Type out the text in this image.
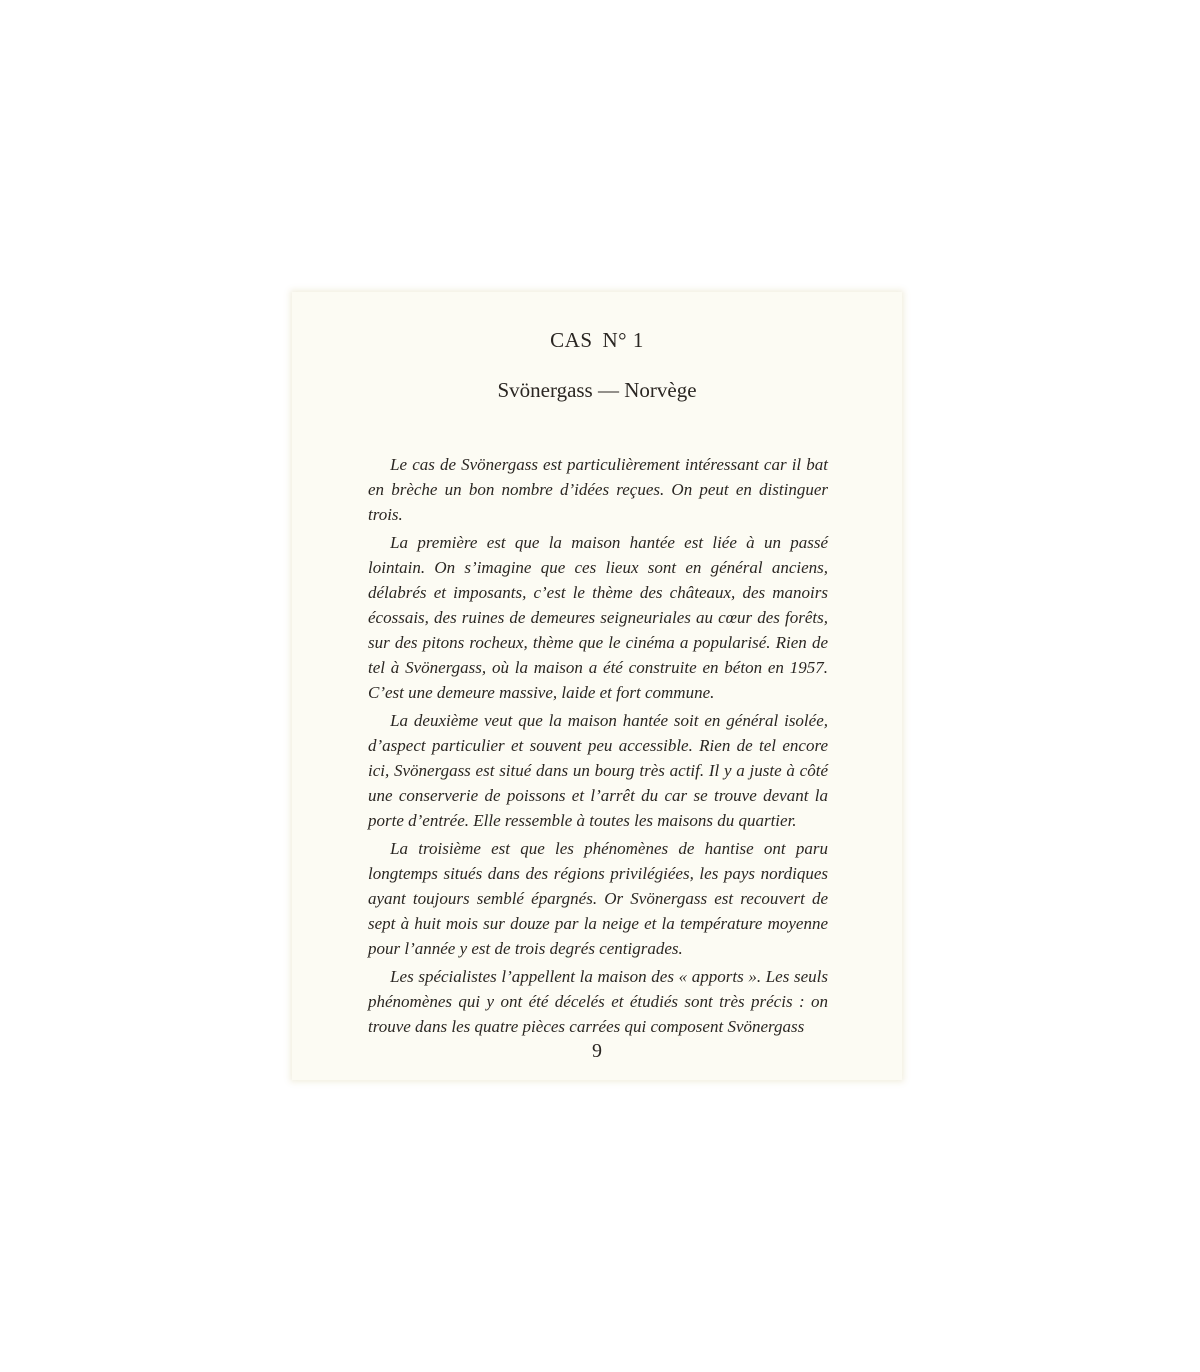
CAS N° 1
Svönergass — Norvège

Le cas de Svönergass est particulièrement intéressant car il bat en brèche un bon nombre d’idées reçues. On peut en distinguer trois.

La première est que la maison hantée est liée à un passé lointain. On s’imagine que ces lieux sont en général anciens, délabrés et imposants, c’est le thème des châteaux, des manoirs écossais, des ruines de demeures seigneuriales au cœur des forêts, sur des pitons rocheux, thème que le cinéma a popularisé. Rien de tel à Svönergass, où la maison a été construite en béton en 1957. C’est une demeure massive, laide et fort commune.

La deuxième veut que la maison hantée soit en général isolée, d’aspect particulier et souvent peu accessible. Rien de tel encore ici, Svönergass est situé dans un bourg très actif. Il y a juste à côté une conserverie de poissons et l’arrêt du car se trouve devant la porte d’entrée. Elle ressemble à toutes les maisons du quartier.

La troisième est que les phénomènes de hantise ont paru longtemps situés dans des régions privilégiées, les pays nordiques ayant toujours semblé épargnés. Or Svönergass est recouvert de sept à huit mois sur douze par la neige et la température moyenne pour l’année y est de trois degrés centigrades.

Les spécialistes l’appellent la maison des « apports ». Les seuls phénomènes qui y ont été décelés et étudiés sont très précis : on trouve dans les quatre pièces carrées qui composent Svönergass

9
